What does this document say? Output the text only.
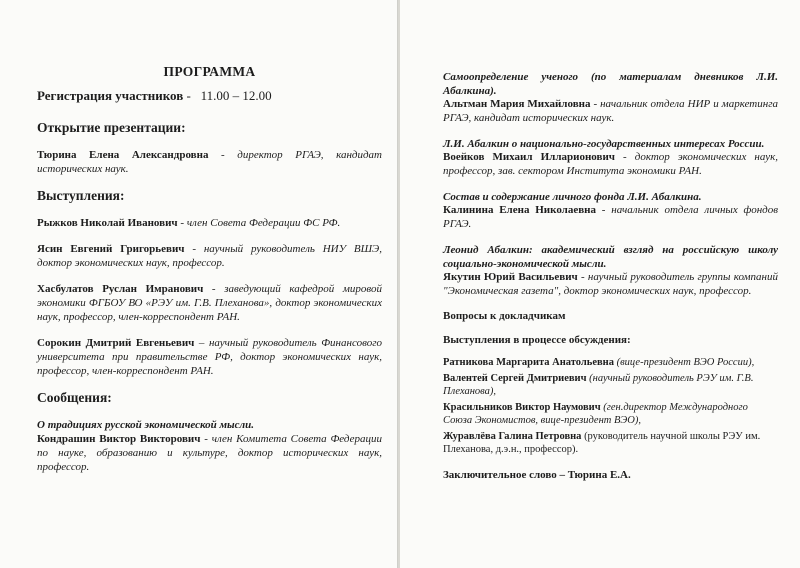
ПРОГРАММА
Регистрация участников -   11.00 – 12.00
Открытие презентации:
Тюрина Елена Александровна - директор РГАЭ, кандидат исторических наук.
Выступления:
Рыжков Николай Иванович - член Совета Федерации ФС РФ.
Ясин Евгений Григорьевич - научный руководитель НИУ ВШЭ, доктор экономических наук, профессор.
Хасбулатов Руслан Имранович - заведующий кафедрой мировой экономики ФГБОУ ВО «РЭУ им. Г.В. Плеханова», доктор экономических наук, профессор, член-корреспондент РАН.
Сорокин Дмитрий Евгеньевич – научный руководитель Финансового университета при правительстве РФ, доктор экономических наук, профессор, член-корреспондент РАН.
Сообщения:
О традициях русской экономической мысли.
Кондрашин Виктор Викторович - член Комитета Совета Федерации по науке, образованию и культуре, доктор исторических наук, профессор.
Самоопределение ученого (по материалам дневников Л.И. Абалкина).
Альтман Мария Михайловна - начальник отдела НИР и маркетинга РГАЭ, кандидат исторических наук.
Л.И. Абалкин о национально-государственных интересах России.
Воейков Михаил Илларионович - доктор экономических наук, профессор, зав. сектором Института экономики РАН.
Состав и содержание личного фонда Л.И. Абалкина.
Калинина Елена Николаевна - начальник отдела личных фондов РГАЭ.
Леонид Абалкин: академический взгляд на российскую школу социально-экономической мысли.
Якутин Юрий Васильевич - научный руководитель группы компаний "Экономическая газета", доктор экономических наук, профессор.
Вопросы к докладчикам
Выступления в процессе обсуждения:
Ратникова Маргарита Анатольевна (вице-президент ВЭО России),
Валентей Сергей Дмитриевич (научный руководитель РЭУ им. Г.В. Плеханова),
Красильников Виктор Наумович (ген.директор Международного Союза Экономистов, вице-президент ВЭО),
Журавлёва Галина Петровна (руководитель научной школы РЭУ им. Плеханова, д.э.н., профессор).
Заключительное слово – Тюрина Е.А.
